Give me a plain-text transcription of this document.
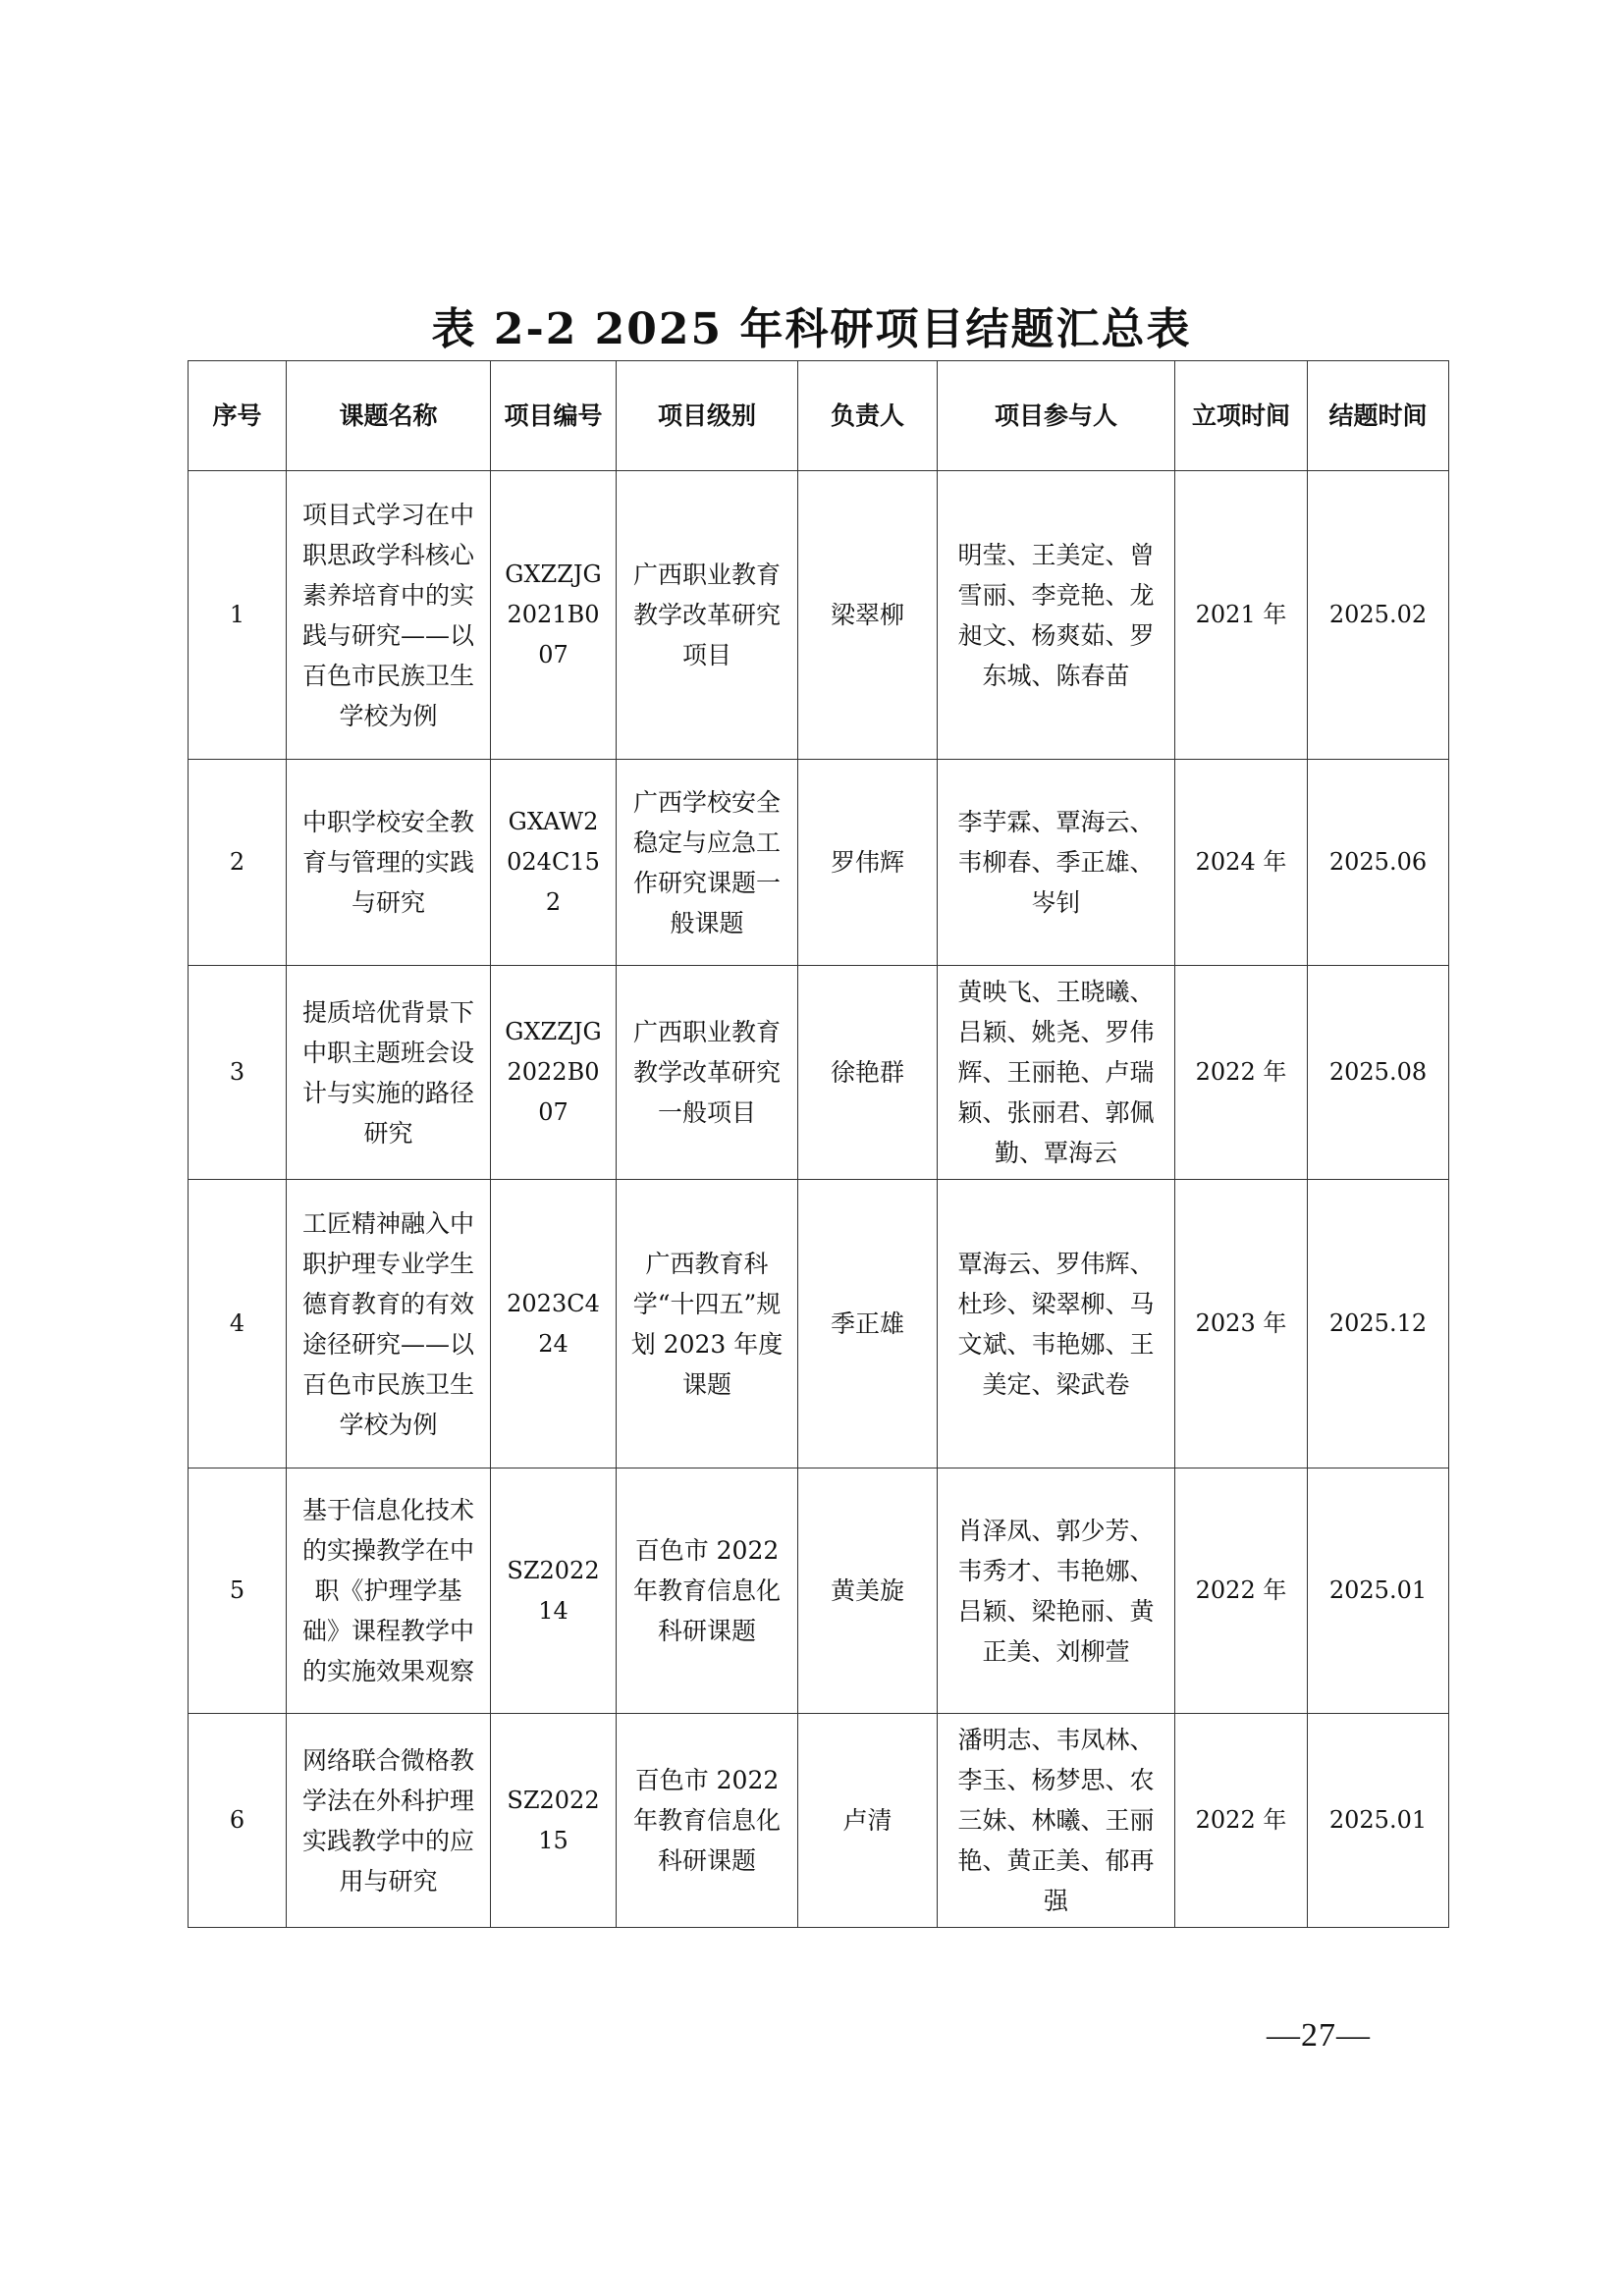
表 2-2 2025 年科研项目结题汇总表
序号	课题名称	项目编号	项目级别	负责人	项目参与人	立项时间	结题时间
1	项目式学习在中职思政学科核心素养培育中的实践与研究——以百色市民族卫生学校为例	GXZZJG2021B007	广西职业教育教学改革研究项目	梁翠柳	明莹、王美定、曾雪丽、李竞艳、龙昶文、杨爽茹、罗东城、陈春苗	2021 年	2025.02
2	中职学校安全教育与管理的实践与研究	GXAW2024C152	广西学校安全稳定与应急工作研究课题一般课题	罗伟辉	李芋霖、覃海云、韦柳春、季正雄、岑钊	2024 年	2025.06
3	提质培优背景下中职主题班会设计与实施的路径研究	GXZZJG2022B007	广西职业教育教学改革研究一般项目	徐艳群	黄映飞、王晓曦、吕颖、姚尧、罗伟辉、王丽艳、卢瑞颖、张丽君、郭佩勤、覃海云	2022 年	2025.08
4	工匠精神融入中职护理专业学生德育教育的有效途径研究——以百色市民族卫生学校为例	2023C424	广西教育科学“十四五”规划 2023 年度课题	季正雄	覃海云、罗伟辉、杜珍、梁翠柳、马文斌、韦艳娜、王美定、梁武卷	2023 年	2025.12
5	基于信息化技术的实操教学在中职《护理学基础》课程教学中的实施效果观察	SZ202214	百色市 2022 年教育信息化科研课题	黄美旋	肖泽凤、郭少芳、韦秀才、韦艳娜、吕颖、梁艳丽、黄正美、刘柳萱	2022 年	2025.01
6	网络联合微格教学法在外科护理实践教学中的应用与研究	SZ202215	百色市 2022 年教育信息化科研课题	卢清	潘明志、韦凤林、李玉、杨梦思、农三妹、林曦、王丽艳、黄正美、郁再强	2022 年	2025.01
—27—
